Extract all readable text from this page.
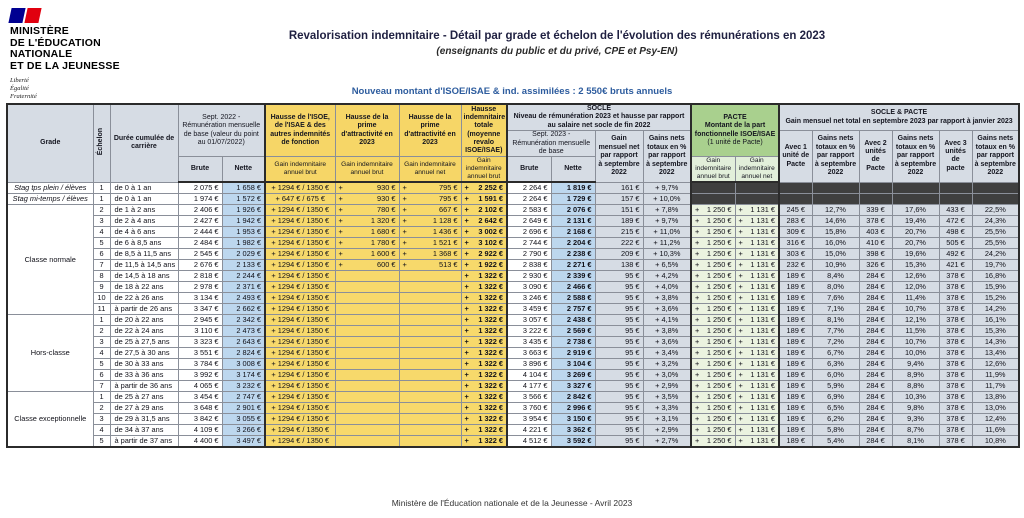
MINISTÈRE
DE L'ÉDUCATION
NATIONALE
ET DE LA JEUNESSE
Liberté
Égalité
Fraternité
Revalorisation indemnitaire - Détail par grade et échelon de l'évolution des rémunérations en 2023
(enseignants du public et du privé, CPE et Psy-EN)
Nouveau montant d'ISOE/ISAE & ind. assimilées : 2 550€ bruts annuels
Grade	Échelon	Durée cumulée de carrière	Sept. 2022 - Rémunération mensuelle de base (valeur du point au 01/07/2022)		Hausse de l'ISOE, de l'ISAE & des autres indemnités de fonction	Hausse de la prime d'attractivité en 2023	Hausse de la prime d'attractivité en 2023	Hausse indemnitaire totale (moyenne revalo ISOE/ISAE)	SOCLE
Niveau de rémunération 2023 et hausse par rapport au salaire net socle de fin 2022				PACTE
Montant de la part fonctionnelle ISOE/ISAE
(1 unité de Pacte)		SOCLE & PACTE
Gain mensuel net total en septembre 2023 par rapport à janvier 2023					
									Sept. 2023 - Rémunération mensuelle de base		Gain mensuel net par rapport à septembre 2022	Gains nets totaux en % par rapport à septembre 2022			Avec 1 unité de Pacte	Gains nets totaux en % par rapport à septembre 2022	Avec 2 unités de Pacte	Gains nets totaux en % par rapport à septembre 2022	Avec 3 unités de pacte	Gains nets totaux en % par rapport à septembre 2022
			Brute	Nette	Gain indemnitaire annuel brut	Gain indemnitaire annuel brut	Gain indemnitaire annuel net	Gain indemnitaire annuel brut	Brute	Nette			Gain indemnitaire annuel brut	Gain indemnitaire annuel net						
Stag tps plein / élèves	1	de 0 à 1 an	2 075 €	1 658 €	+ 1294 € / 1350 €	+ 930 €	+ 795 €	+ 2 252 €	2 264 €	1 819 €	161 €	+ 9,7%								
Stag mi-temps / élèves	1	de 0 à 1 an	1 974 €	1 572 €	+ 647 € / 675 €	+ 930 €	+ 795 €	+ 1 591 €	2 264 €	1 729 €	157 €	+ 10,0%								
Classe normale	2	de 1 à 2 ans	2 406 €	1 926 €	+ 1294 € / 1350 €	+ 780 €	+ 667 €	+ 2 102 €	2 583 €	2 076 €	151 €	+ 7,8%	+ 1 250 €	+ 1 131 €	245 €	12,7%	339 €	17,6%	433 €	22,5%
	3	de 2 à 4 ans	2 427 €	1 942 €	+ 1294 € / 1350 €	+ 1 320 €	+ 1 128 €	+ 2 642 €	2 649 €	2 131 €	189 €	+ 9,7%	+ 1 250 €	+ 1 131 €	283 €	14,6%	378 €	19,4%	472 €	24,3%
	4	de 4 à 6 ans	2 444 €	1 953 €	+ 1294 € / 1350 €	+ 1 680 €	+ 1 436 €	+ 3 002 €	2 696 €	2 168 €	215 €	+ 11,0%	+ 1 250 €	+ 1 131 €	309 €	15,8%	403 €	20,7%	498 €	25,5%
	5	de 6 à 8,5 ans	2 484 €	1 982 €	+ 1294 € / 1350 €	+ 1 780 €	+ 1 521 €	+ 3 102 €	2 744 €	2 204 €	222 €	+ 11,2%	+ 1 250 €	+ 1 131 €	316 €	16,0%	410 €	20,7%	505 €	25,5%
	6	de 8,5 à 11,5 ans	2 545 €	2 029 €	+ 1294 € / 1350 €	+ 1 600 €	+ 1 368 €	+ 2 922 €	2 790 €	2 238 €	209 €	+ 10,3%	+ 1 250 €	+ 1 131 €	303 €	15,0%	398 €	19,6%	492 €	24,2%
	7	de 11,5 à 14,5 ans	2 676 €	2 133 €	+ 1294 € / 1350 €	+ 600 €	+ 513 €	+ 1 922 €	2 838 €	2 271 €	138 €	+ 6,5%	+ 1 250 €	+ 1 131 €	232 €	10,9%	326 €	15,3%	421 €	19,7%
	8	de 14,5 à 18 ans	2 818 €	2 244 €	+ 1294 € / 1350 €			+ 1 322 €	2 930 €	2 339 €	95 €	+ 4,2%	+ 1 250 €	+ 1 131 €	189 €	8,4%	284 €	12,6%	378 €	16,8%
	9	de 18 à 22 ans	2 978 €	2 371 €	+ 1294 € / 1350 €			+ 1 322 €	3 090 €	2 466 €	95 €	+ 4,0%	+ 1 250 €	+ 1 131 €	189 €	8,0%	284 €	12,0%	378 €	15,9%
	10	de 22 à 26 ans	3 134 €	2 493 €	+ 1294 € / 1350 €			+ 1 322 €	3 246 €	2 588 €	95 €	+ 3,8%	+ 1 250 €	+ 1 131 €	189 €	7,6%	284 €	11,4%	378 €	15,2%
	11	à partir de 26 ans	3 347 €	2 662 €	+ 1294 € / 1350 €			+ 1 322 €	3 459 €	2 757 €	95 €	+ 3,6%	+ 1 250 €	+ 1 131 €	189 €	7,1%	284 €	10,7%	378 €	14,2%
Hors-classe	1	de 20 à 22 ans	2 945 €	2 342 €	+ 1294 € / 1350 €			+ 1 322 €	3 057 €	2 438 €	95 €	+ 4,1%	+ 1 250 €	+ 1 131 €	189 €	8,1%	284 €	12,1%	378 €	16,1%
	2	de 22 à 24 ans	3 110 €	2 473 €	+ 1294 € / 1350 €			+ 1 322 €	3 222 €	2 569 €	95 €	+ 3,8%	+ 1 250 €	+ 1 131 €	189 €	7,7%	284 €	11,5%	378 €	15,3%
	3	de 25 à 27,5 ans	3 323 €	2 643 €	+ 1294 € / 1350 €			+ 1 322 €	3 435 €	2 738 €	95 €	+ 3,6%	+ 1 250 €	+ 1 131 €	189 €	7,2%	284 €	10,7%	378 €	14,3%
	4	de 27,5 à 30 ans	3 551 €	2 824 €	+ 1294 € / 1350 €			+ 1 322 €	3 663 €	2 919 €	95 €	+ 3,4%	+ 1 250 €	+ 1 131 €	189 €	6,7%	284 €	10,0%	378 €	13,4%
	5	de 30 à 33 ans	3 784 €	3 008 €	+ 1294 € / 1350 €			+ 1 322 €	3 896 €	3 104 €	95 €	+ 3,2%	+ 1 250 €	+ 1 131 €	189 €	6,3%	284 €	9,4%	378 €	12,6%
	6	de 33 à 36 ans	3 992 €	3 174 €	+ 1294 € / 1350 €			+ 1 322 €	4 104 €	3 269 €	95 €	+ 3,0%	+ 1 250 €	+ 1 131 €	189 €	6,0%	284 €	8,9%	378 €	11,9%
	7	à partir de 36 ans	4 065 €	3 232 €	+ 1294 € / 1350 €			+ 1 322 €	4 177 €	3 327 €	95 €	+ 2,9%	+ 1 250 €	+ 1 131 €	189 €	5,9%	284 €	8,8%	378 €	11,7%
Classe exceptionnelle	1	de 25 à 27 ans	3 454 €	2 747 €	+ 1294 € / 1350 €			+ 1 322 €	3 566 €	2 842 €	95 €	+ 3,5%	+ 1 250 €	+ 1 131 €	189 €	6,9%	284 €	10,3%	378 €	13,8%
	2	de 27 à 29 ans	3 648 €	2 901 €	+ 1294 € / 1350 €			+ 1 322 €	3 760 €	2 996 €	95 €	+ 3,3%	+ 1 250 €	+ 1 131 €	189 €	6,5%	284 €	9,8%	378 €	13,0%
	3	de 29 à 31,5 ans	3 842 €	3 055 €	+ 1294 € / 1350 €			+ 1 322 €	3 954 €	3 150 €	95 €	+ 3,1%	+ 1 250 €	+ 1 131 €	189 €	6,2%	284 €	9,3%	378 €	12,4%
	4	de 34 à 37 ans	4 109 €	3 266 €	+ 1294 € / 1350 €			+ 1 322 €	4 221 €	3 362 €	95 €	+ 2,9%	+ 1 250 €	+ 1 131 €	189 €	5,8%	284 €	8,7%	378 €	11,6%
	5	à partir de 37 ans	4 400 €	3 497 €	+ 1294 € / 1350 €			+ 1 322 €	4 512 €	3 592 €	95 €	+ 2,7%	+ 1 250 €	+ 1 131 €	189 €	5,4%	284 €	8,1%	378 €	10,8%
Ministère de l'Éducation nationale et de la Jeunesse - Avril 2023
